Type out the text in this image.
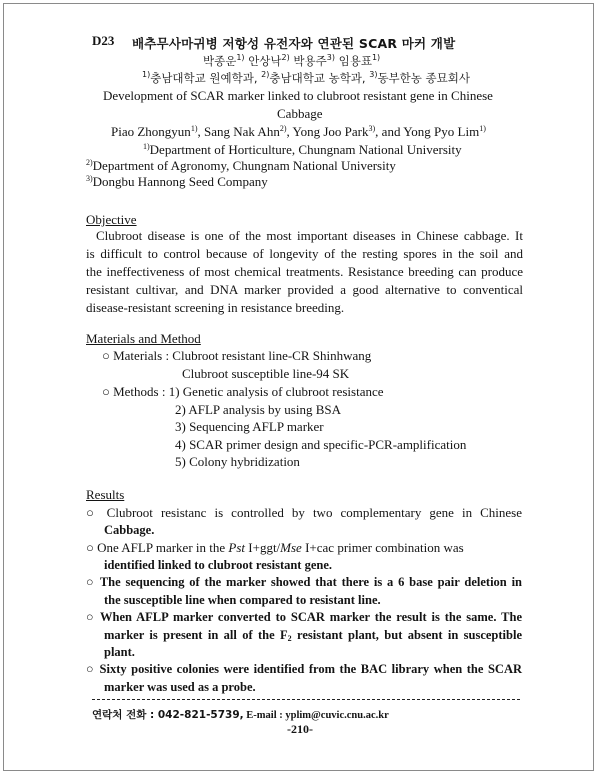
D23 배추무사마귀병 저항성 유전자와 연관된 SCAR 마커 개발
박종운$^{1)}$ 안상낙$^{2)}$ 박용주$^{3)}$ 임용표$^{1)}$
$^{1)}$충남대학교 원예학과, $^{2)}$충남대학교 농학과, $^{3)}$동부한농 종묘회사
Development of SCAR marker linked to clubroot resistant gene in Chinese
Cabbage
Piao Zhongyun$^{1)}$, Sang Nak Ahn$^{2)}$, Yong Joo Park$^{3)}$, and Yong Pyo Lim$^{1)}$
$^{1)}$Department of Horticulture, Chungnam National University
$^{2)}$Department of Agronomy, Chungnam National University
$^{3)}$Dongbu Hannong Seed Company
Objective
Clubroot disease is one of the most important diseases in Chinese cabbage. It
is difficult to control because of longevity of the resting spores in the soil and
the ineffectiveness of most chemical treatments. Resistance breeding can produce
resistant cultivar, and DNA marker provided a good alternative to conventical
disease-resistant screening in resistance breeding.
Materials and Method
○ Materials : Clubroot resistant line-CR Shinhwang
Clubroot susceptible line-94 SK
○ Methods : 1) Genetic analysis of clubroot resistance
2) AFLP analysis by using BSA
3) Sequencing AFLP marker
4) SCAR primer design and specific-PCR-amplification
5) Colony hybridization
Results
○ Clubroot resistanc is controlled by two complementary gene in Chinese
Cabbage.
○ One AFLP marker in the Pst I+ggt/Mse I+cac primer combination was
identified linked to clubroot resistant gene.
○ The sequencing of the marker showed that there is a 6 base pair deletion in
the susceptible line when compared to resistant line.
○ When AFLP marker converted to SCAR marker the result is the same. The
marker is present in all of the $F_2$ resistant plant, but absent in susceptible
plant.
○ Sixty positive colonies were identified from the BAC library when the SCAR
marker was used as a probe.
연락처 전화 : 042-821-5739, E-mail : yplim@cuvic.cnu.ac.kr
-210-
